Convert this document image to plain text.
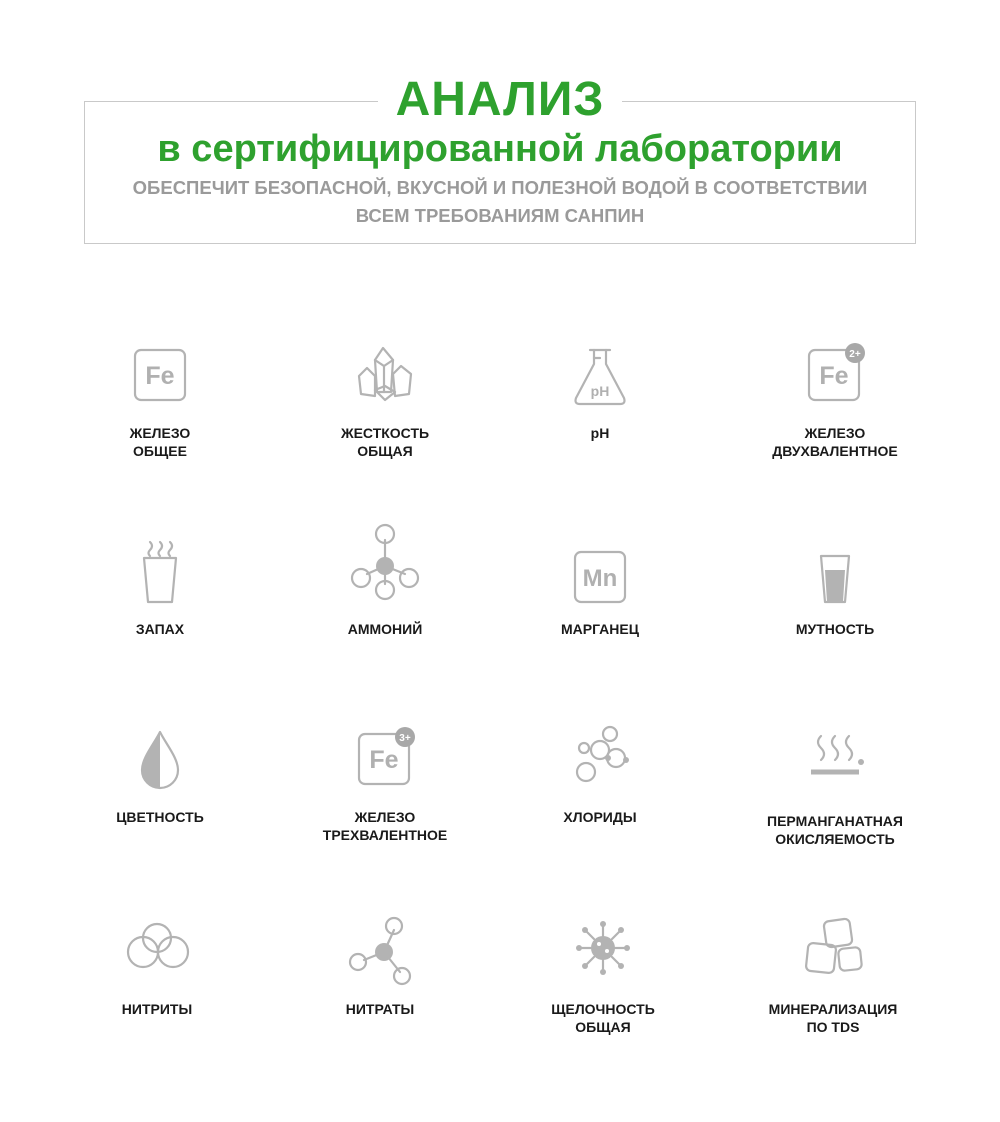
АНАЛИЗ
в сертифицированной лаборатории
ОБЕСПЕЧИТ БЕЗОПАСНОЙ, ВКУСНОЙ И ПОЛЕЗНОЙ ВОДОЙ В СООТВЕТСТВИИ
ВСЕМ ТРЕБОВАНИЯМ САНПИН
Fe
ЖЕЛЕЗО
ОБЩЕЕ
ЖЕСТКОСТЬ
ОБЩАЯ
pH
pH
Fe
2+
ЖЕЛЕЗО
ДВУХВАЛЕНТНОЕ
ЗАПАХ	АММОНИЙ
Mn
МАРГАНЕЦ	МУТНОСТЬ
ЦВЕТНОСТЬ
Fe
3+
ЖЕЛЕЗО
ТРЕХВАЛЕНТНОЕ
ХЛОРИДЫ	ПЕРМАНГАНАТНАЯ
ОКИСЛЯЕМОСТЬ
НИТРИТЫ	НИТРАТЫ	ЩЕЛОЧНОСТЬ
ОБЩАЯ
МИНЕРАЛИЗАЦИЯ
ПО TDS
